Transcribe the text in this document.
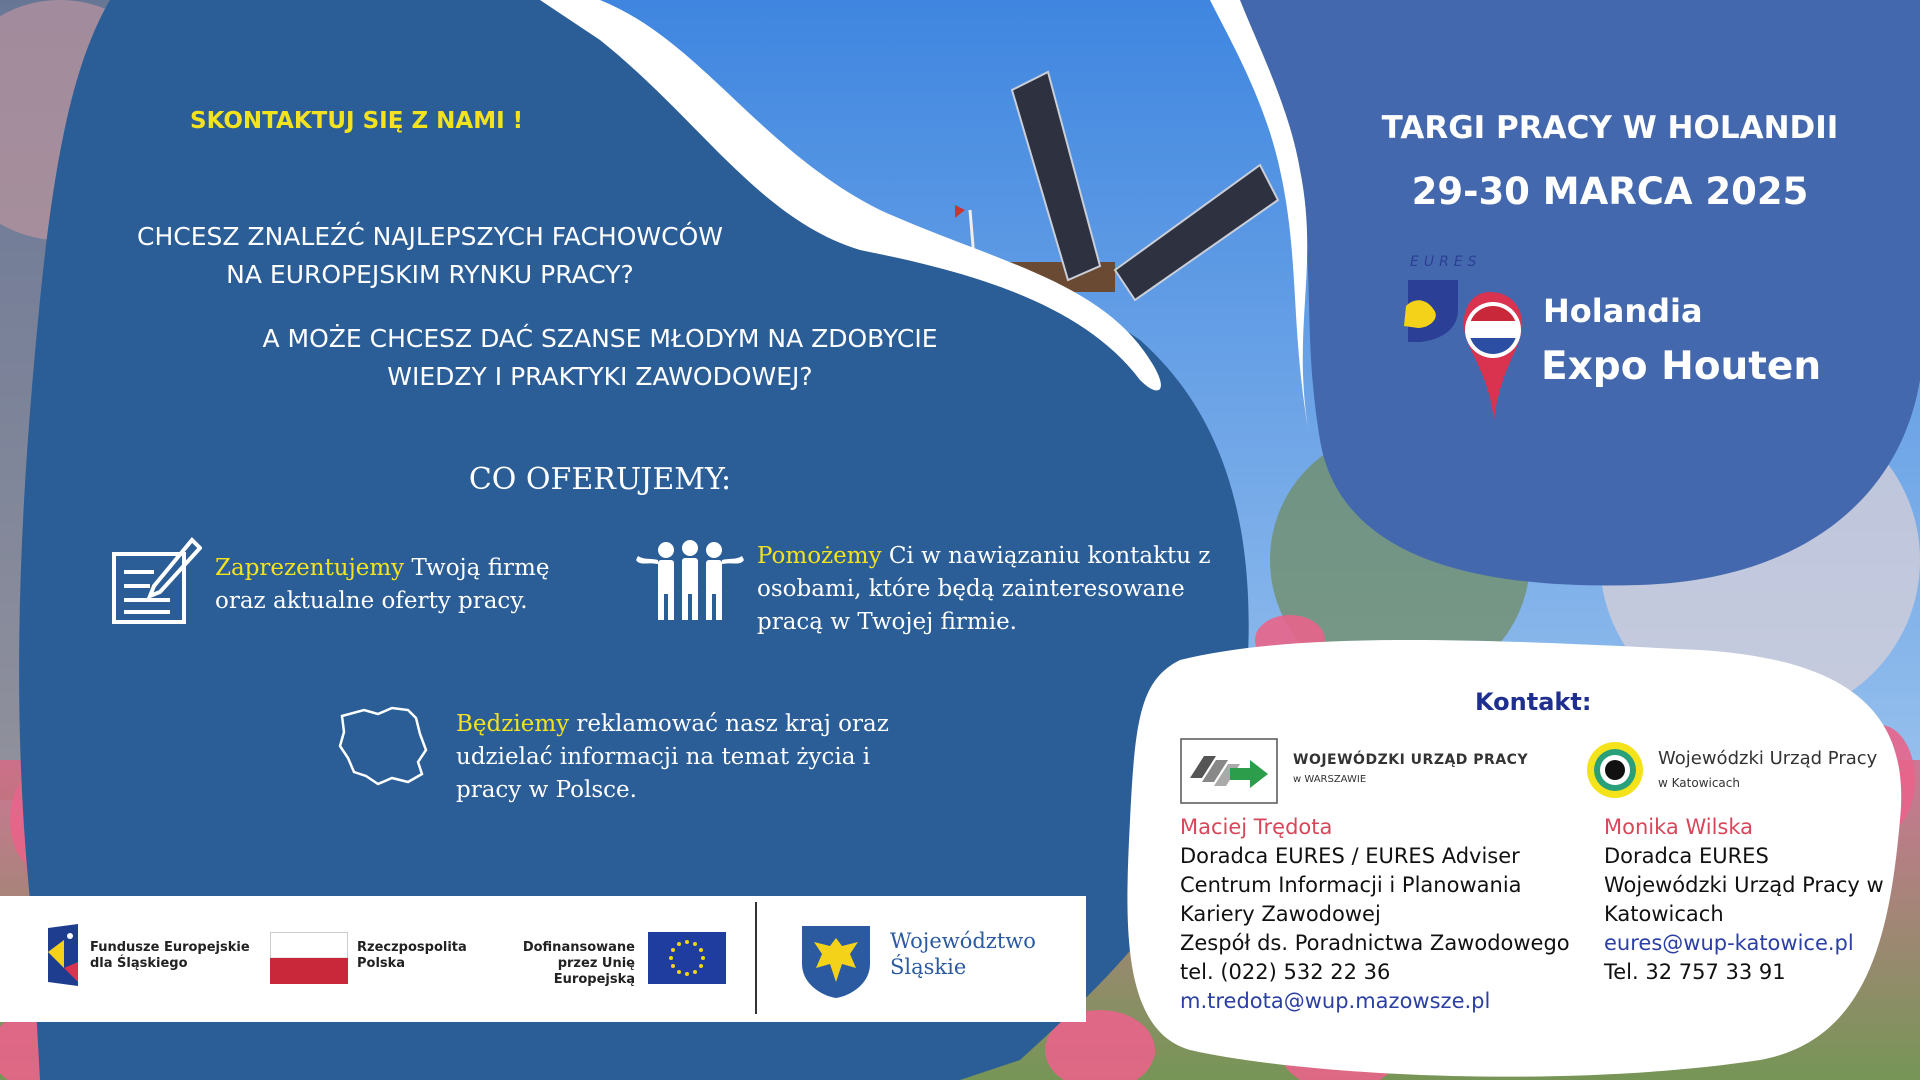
SKONTAKTUJ SIĘ Z NAMI !
CHCESZ ZNALEŹĆ NAJLEPSZYCH FACHOWCÓW NA EUROPEJSKIM RYNKU PRACY?
A MOŻE CHCESZ DAĆ SZANSE MŁODYM NA ZDOBYCIE WIEDZY I PRAKTYKI ZAWODOWEJ?
CO OFERUJEMY:
Zaprezentujemy Twoją firmę oraz aktualne oferty pracy.
Pomożemy Ci w nawiązaniu kontaktu z osobami, które będą zainteresowane pracą w Twojej firmie.
Będziemy reklamować nasz kraj oraz udzielać informacji na temat życia i pracy w Polsce.
TARGI PRACY W HOLANDII
29-30 MARCA 2025
EURES
Holandia
Expo Houten
Kontakt:
WOJEWÓDZKI URZĄD PRACY
w WARSZAWIE
Wojewódzki Urząd Pracy
w Katowicach
Maciej Trędota
Doradca EURES / EURES Adviser
Centrum Informacji i Planowania Kariery Zawodowej
Zespół ds. Poradnictwa Zawodowego
tel. (022) 532 22 36
m.tredota@wup.mazowsze.pl
Monika Wilska
Doradca EURES
Wojewódzki Urząd Pracy w Katowicach
eures@wup-katowice.pl
Tel. 32 757 33 91
Fundusze Europejskie dla Śląskiego
Rzeczpospolita Polska
Dofinansowane przez Unię Europejską
Województwo Śląskie
